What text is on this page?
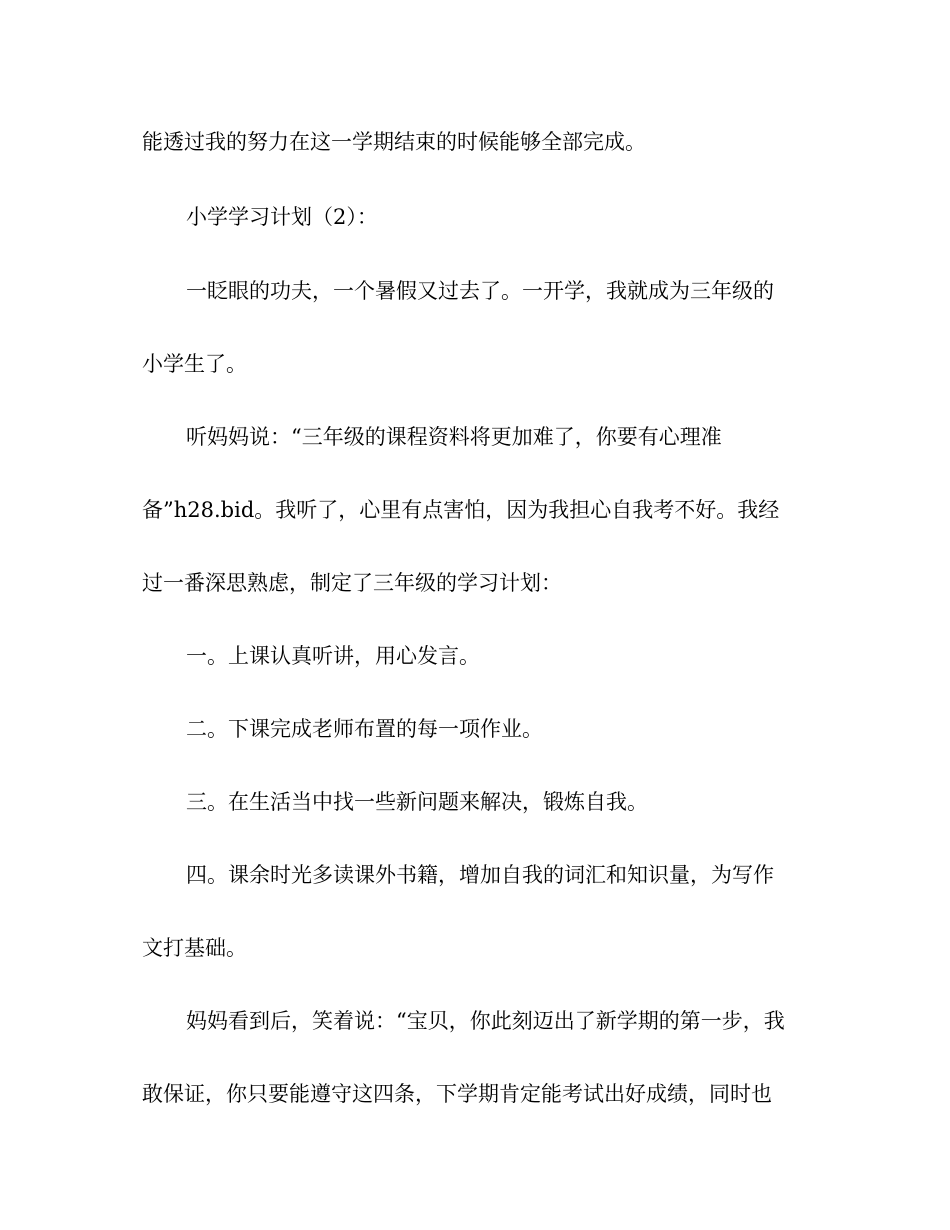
能透过我的努力在这一学期结束的时候能够全部完成。
小学学习计划（2）：
一眨眼的功夫，一个暑假又过去了。一开学，我就成为三年级的
小学生了。
听妈妈说：“三年级的课程资料将更加难了，你要有心理准
备”h28.bid。我听了，心里有点害怕，因为我担心自我考不好。我经
过一番深思熟虑，制定了三年级的学习计划：
一。上课认真听讲，用心发言。
二。下课完成老师布置的每一项作业。
三。在生活当中找一些新问题来解决，锻炼自我。
四。课余时光多读课外书籍，增加自我的词汇和知识量，为写作
文打基础。
妈妈看到后，笑着说：“宝贝，你此刻迈出了新学期的第一步，我
敢保证，你只要能遵守这四条，下学期肯定能考试出好成绩，同时也
